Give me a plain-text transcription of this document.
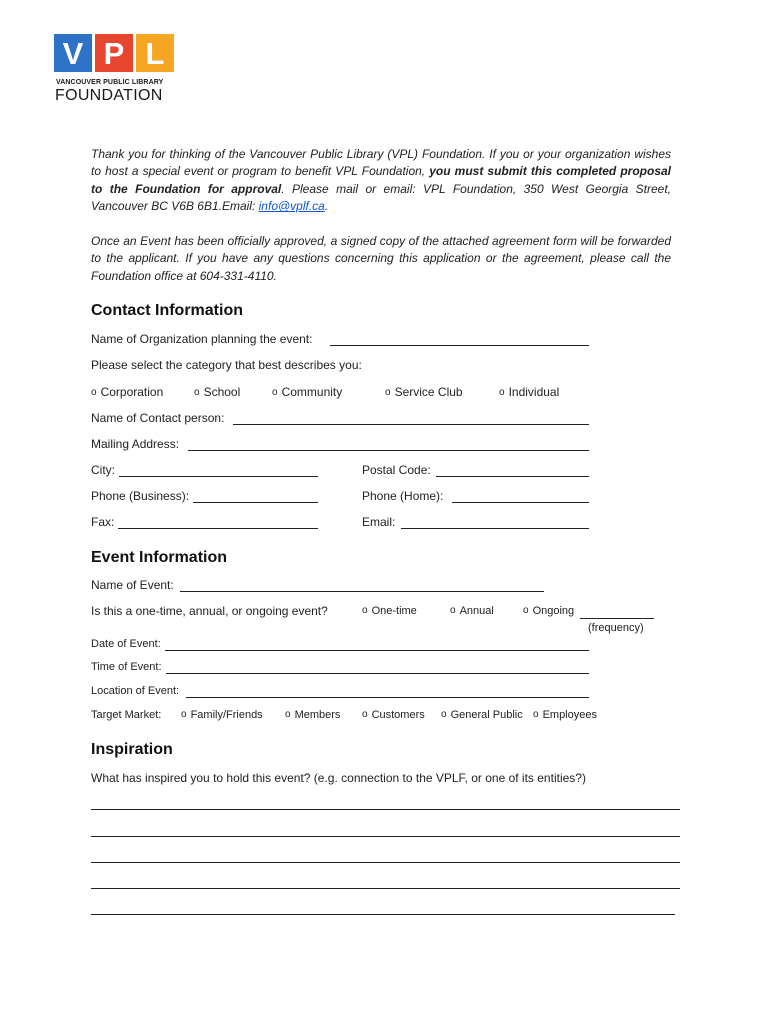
V P L
VANCOUVER PUBLIC LIBRARY
FOUNDATION
Thank you for thinking of the Vancouver Public Library (VPL) Foundation. If you or your organization wishes to host a special event or program to benefit VPL Foundation, you must submit this completed proposal to the Foundation for approval. Please mail or email: VPL Foundation, 350 West Georgia Street, Vancouver BC V6B 6B1.Email: info@vplf.ca.
Once an Event has been officially approved, a signed copy of the attached agreement form will be forwarded to the applicant. If you have any questions concerning this application or the agreement, please call the Foundation office at 604-331-4110.
Contact Information
Name of Organization planning the event:
Please select the category that best describes you:
o Corporation	o School	o Community	o Service Club	o Individual
Name of Contact person:
Mailing Address:
City:	Postal Code:
Phone (Business):	Phone (Home):
Fax:	Email:
Event Information
Name of Event:
Is this a one-time, annual, or ongoing event?	o One-time	o Annual	o Ongoing
(frequency)
Date of Event:
Time of Event:
Location of Event:
Target Market: o Family/Friends o Members o Customers o General Public o Employees
Inspiration
What has inspired you to hold this event? (e.g. connection to the VPLF, or one of its entities?)
